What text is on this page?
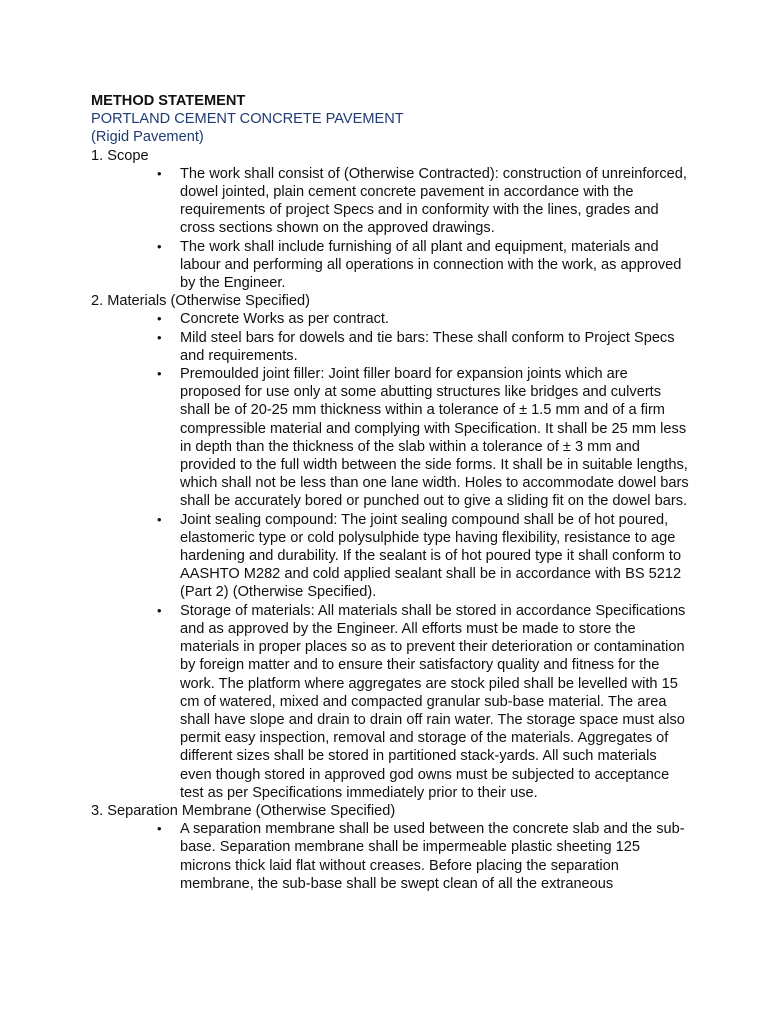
METHOD STATEMENT

PORTLAND CEMENT CONCRETE PAVEMENT

(Rigid Pavement)

1. Scope

• The work shall consist of (Otherwise Contracted): construction of unreinforced, dowel jointed, plain cement concrete pavement in accordance with the requirements of project Specs and in conformity with the lines, grades and cross sections shown on the approved drawings.
• The work shall include furnishing of all plant and equipment, materials and labour and performing all operations in connection with the work, as approved by the Engineer.

2. Materials (Otherwise Specified)

• Concrete Works as per contract.
• Mild steel bars for dowels and tie bars: These shall conform to Project Specs and requirements.
• Premoulded joint filler: Joint filler board for expansion joints which are proposed for use only at some abutting structures like bridges and culverts shall be of 20-25 mm thickness within a tolerance of ± 1.5 mm and of a firm compressible material and complying with Specification. It shall be 25 mm less in depth than the thickness of the slab within a tolerance of ± 3 mm and provided to the full width between the side forms. It shall be in suitable lengths, which shall not be less than one lane width. Holes to accommodate dowel bars shall be accurately bored or punched out to give a sliding fit on the dowel bars.
• Joint sealing compound: The joint sealing compound shall be of hot poured, elastomeric type or cold polysulphide type having flexibility, resistance to age hardening and durability. If the sealant is of hot poured type it shall conform to AASHTO M282 and cold applied sealant shall be in accordance with BS 5212 (Part 2) (Otherwise Specified).
• Storage of materials: All materials shall be stored in accordance Specifications and as approved by the Engineer. All efforts must be made to store the materials in proper places so as to prevent their deterioration or contamination by foreign matter and to ensure their satisfactory quality and fitness for the work. The platform where aggregates are stock piled shall be levelled with 15 cm of watered, mixed and compacted granular sub-base material. The area shall have slope and drain to drain off rain water. The storage space must also permit easy inspection, removal and storage of the materials. Aggregates of different sizes shall be stored in partitioned stack-yards. All such materials even though stored in approved god owns must be subjected to acceptance test as per Specifications immediately prior to their use.

3. Separation Membrane (Otherwise Specified)

• A separation membrane shall be used between the concrete slab and the sub-base. Separation membrane shall be impermeable plastic sheeting 125 microns thick laid flat without creases. Before placing the separation membrane, the sub-base shall be swept clean of all the extraneous
